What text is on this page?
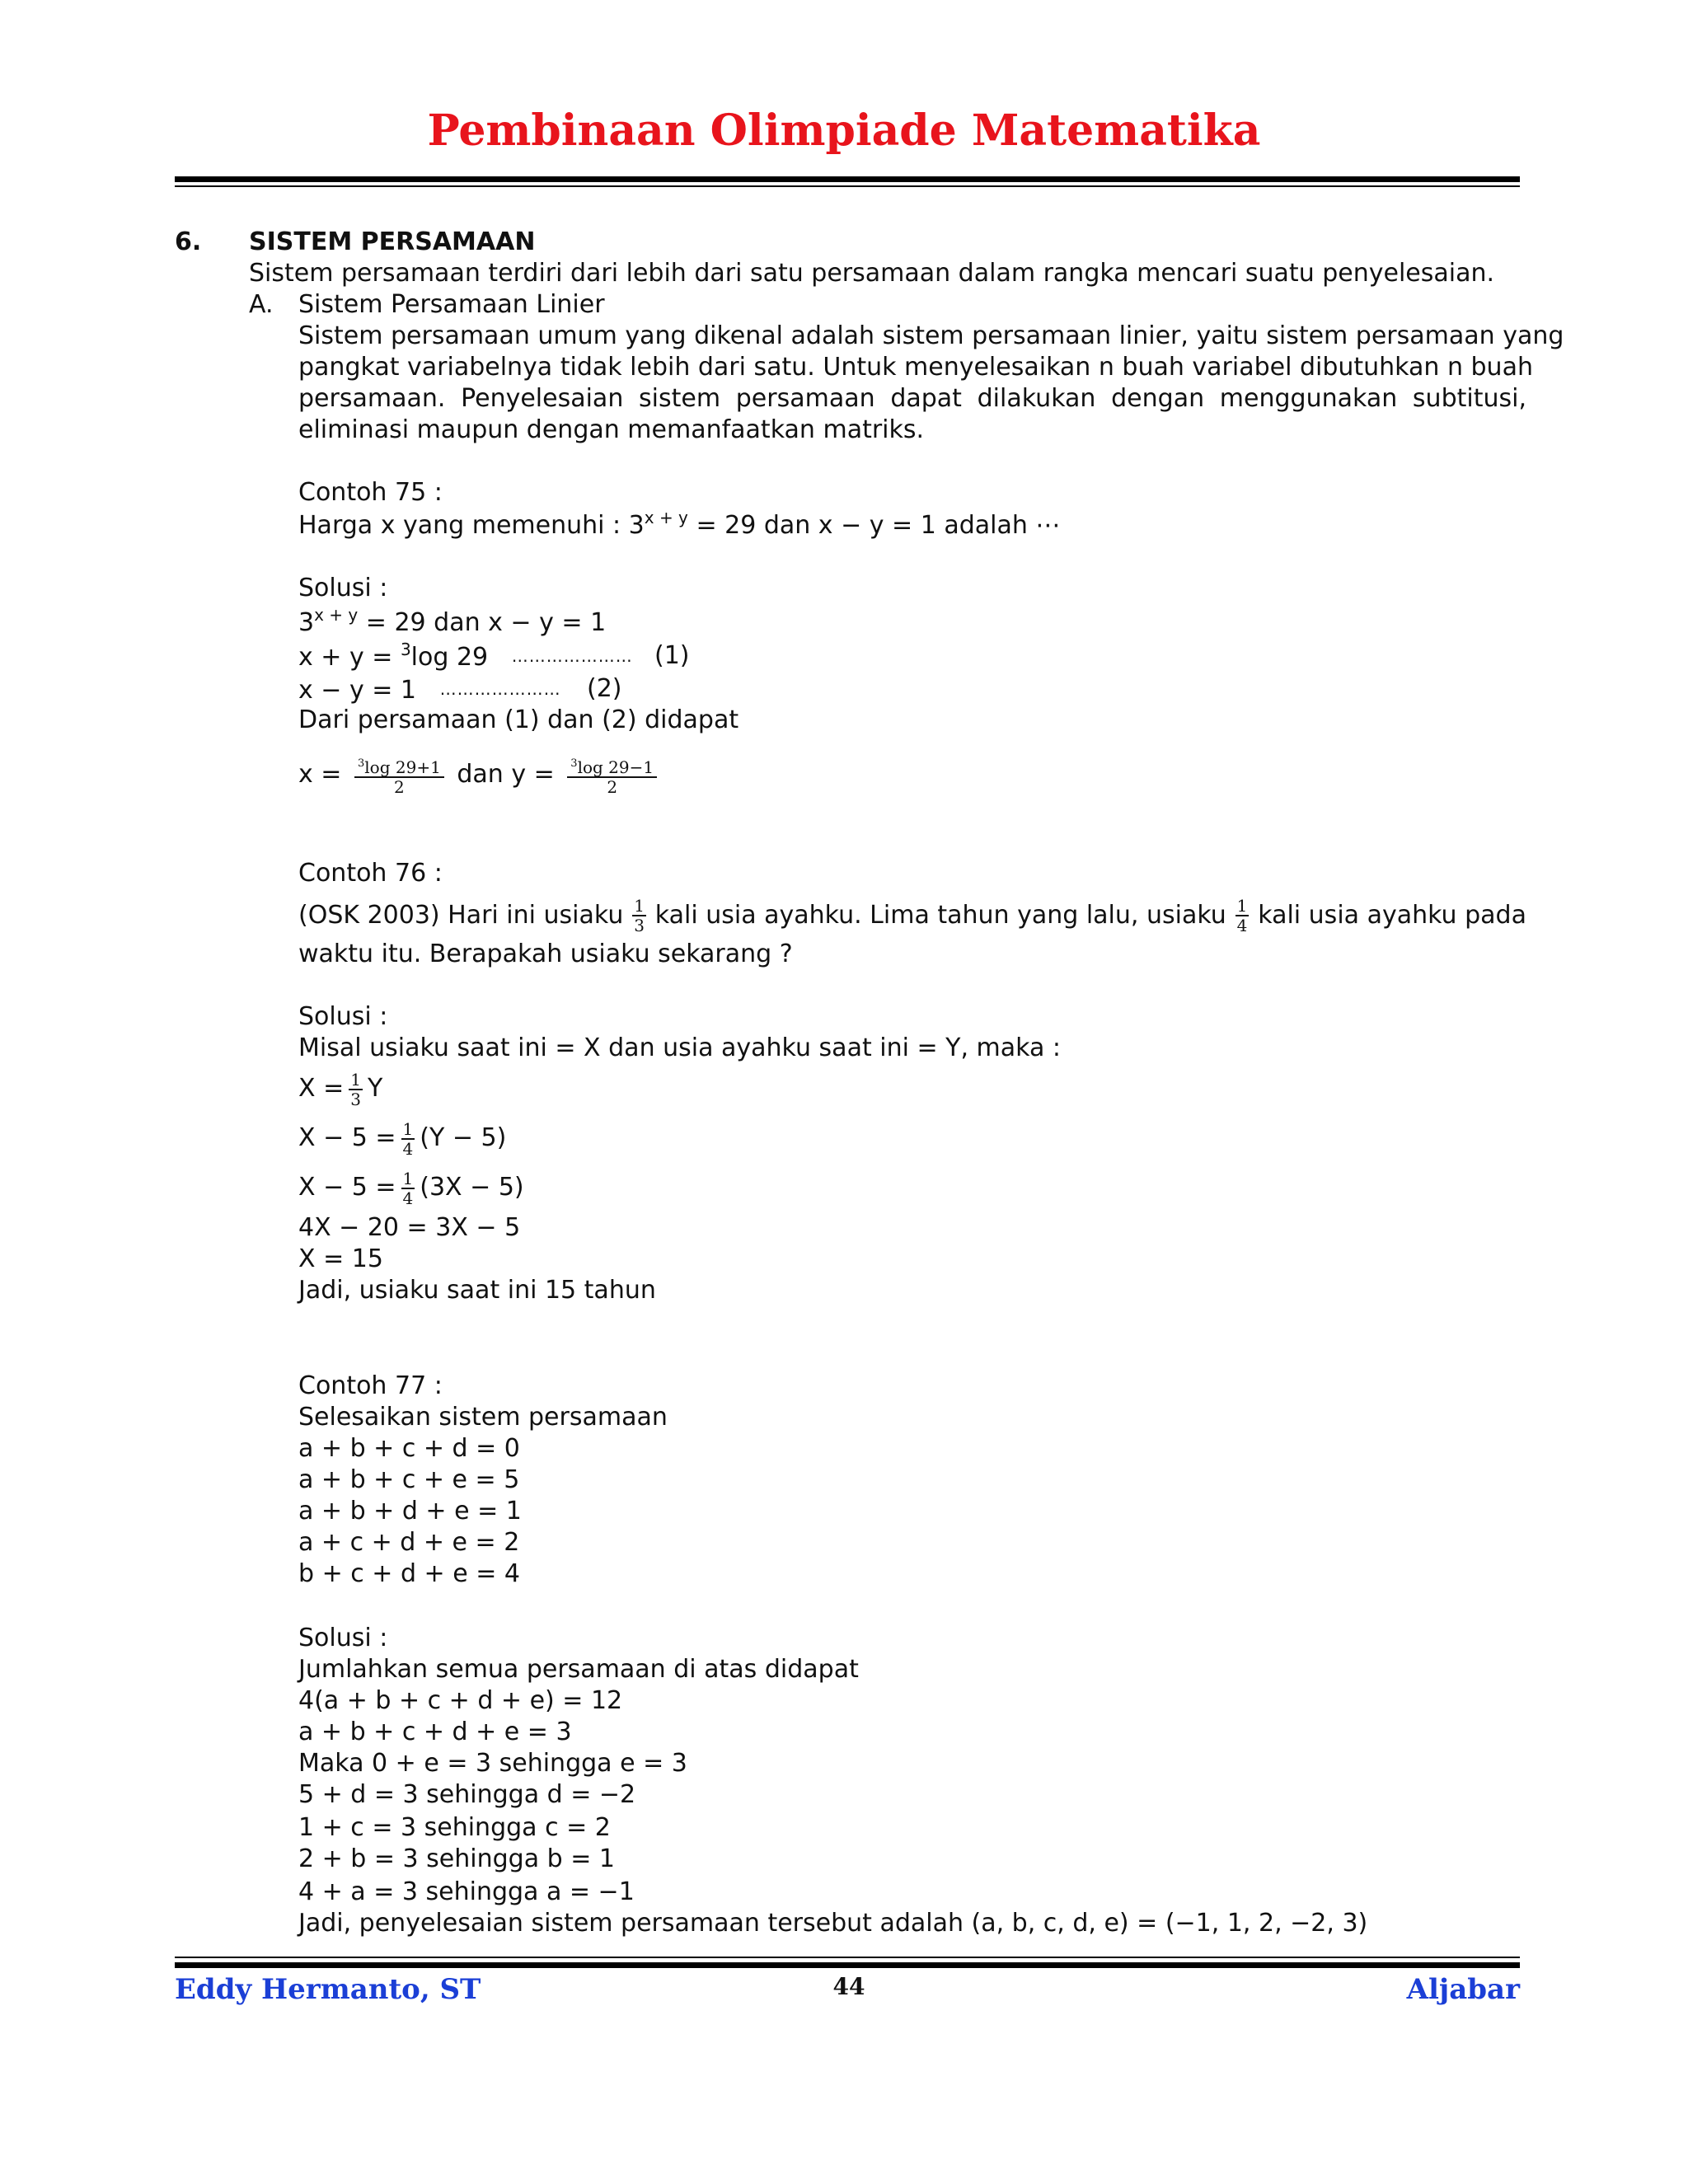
Pembinaan Olimpiade Matematika
6. SISTEM PERSAMAAN
Sistem persamaan terdiri dari lebih dari satu persamaan dalam rangka mencari suatu penyelesaian.
A. Sistem Persamaan Linier
Sistem persamaan umum yang dikenal adalah sistem persamaan linier, yaitu sistem persamaan yang
pangkat variabelnya tidak lebih dari satu. Untuk menyelesaikan n buah variabel dibutuhkan n buah
persamaan. Penyelesaian sistem persamaan dapat dilakukan dengan menggunakan subtitusi,
eliminasi maupun dengan memanfaatkan matriks.
Contoh 75 :
Harga x yang memenuhi : $3^{x + y} = 29$ dan x − y = 1 adalah ⋯
Solusi :
$3^{x + y} = 29$ dan x − y = 1
x + y = $^3$log 29 ………………… (1)
x − y = 1 ………………… (2)
Dari persamaan (1) dan (2) didapat
$x = \frac{^3\log 29+1}{2}$ dan $y = \frac{^3\log 29-1}{2}$
Contoh 76 :
(OSK 2003) Hari ini usiaku $\frac{1}{3}$ kali usia ayahku. Lima tahun yang lalu, usiaku $\frac{1}{4}$ kali usia ayahku pada
waktu itu. Berapakah usiaku sekarang ?
Solusi :
Misal usiaku saat ini = X dan usia ayahku saat ini = Y, maka :
$X = \frac{1}{3}$ Y
$X - 5 = \frac{1}{4} (Y - 5)$
$X - 5 = \frac{1}{4} (3X - 5)$
4X − 20 = 3X − 5
X = 15
Jadi, usiaku saat ini 15 tahun
Contoh 77 :
Selesaikan sistem persamaan
a + b + c + d = 0
a + b + c + e = 5
a + b + d + e = 1
a + c + d + e = 2
b + c + d + e = 4
Solusi :
Jumlahkan semua persamaan di atas didapat
4(a + b + c + d + e) = 12
a + b + c + d + e = 3
Maka 0 + e = 3 sehingga e = 3
5 + d = 3 sehingga d = −2
1 + c = 3 sehingga c = 2
2 + b = 3 sehingga b = 1
4 + a = 3 sehingga a = −1
Jadi, penyelesaian sistem persamaan tersebut adalah (a, b, c, d, e) = (−1, 1, 2, −2, 3)
Eddy Hermanto, ST	44	Aljabar
